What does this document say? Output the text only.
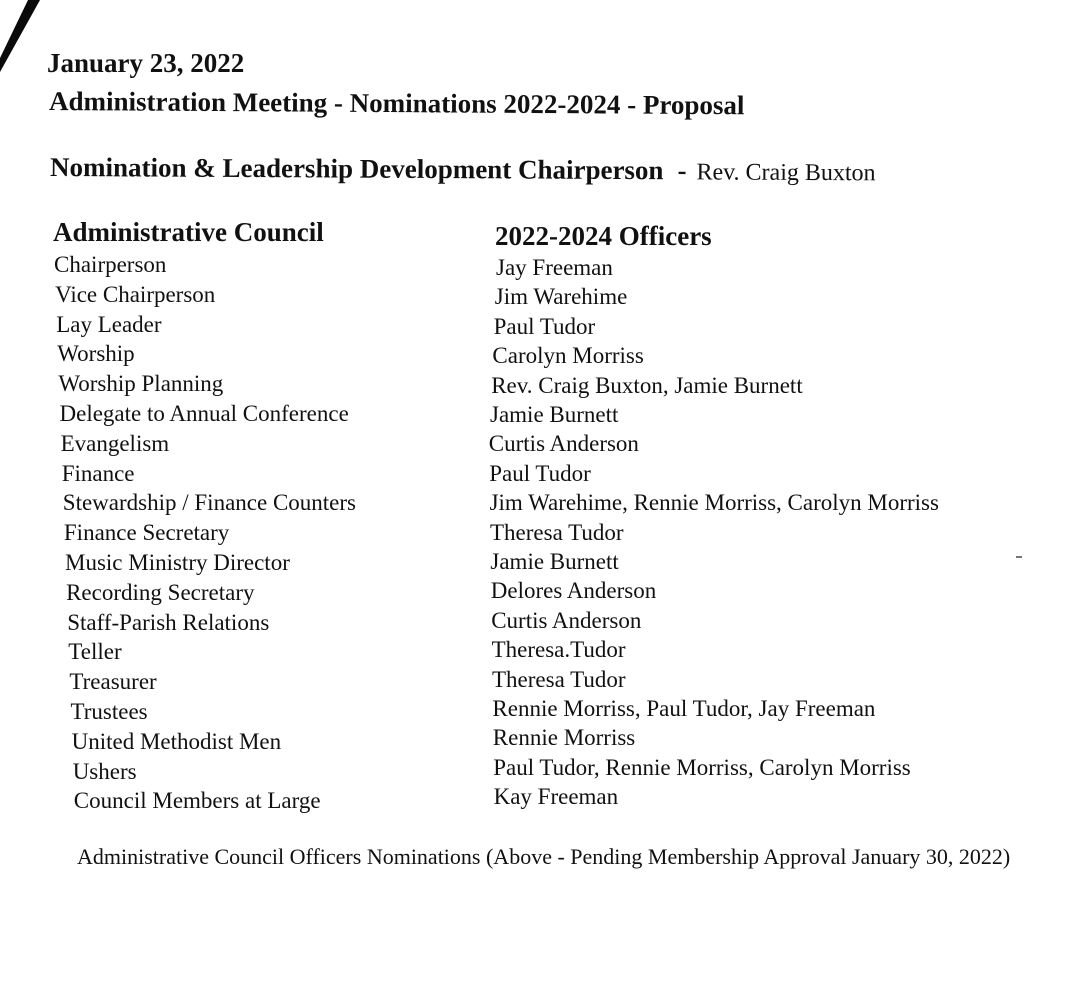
January 23, 2022
Administration Meeting - Nominations 2022-2024 - Proposal
Nomination & Leadership Development Chairperson - Rev. Craig Buxton
Administrative Council	2022-2024 Officers
Chairperson	Jay Freeman
Vice Chairperson	Jim Warehime
Lay Leader	Paul Tudor
Worship	Carolyn Morriss
Worship Planning	Rev. Craig Buxton, Jamie Burnett
Delegate to Annual Conference	Jamie Burnett
Evangelism	Curtis Anderson
Finance	Paul Tudor
Stewardship / Finance Counters	Jim Warehime, Rennie Morriss, Carolyn Morriss
Finance Secretary	Theresa Tudor
Music Ministry Director	Jamie Burnett
Recording Secretary	Delores Anderson
Staff-Parish Relations	Curtis Anderson
Teller	Theresa.Tudor
Treasurer	Theresa Tudor
Trustees	Rennie Morriss, Paul Tudor, Jay Freeman
United Methodist Men	Rennie Morriss
Ushers	Paul Tudor, Rennie Morriss, Carolyn Morriss
Council Members at Large	Kay Freeman
Administrative Council Officers Nominations (Above - Pending Membership Approval January 30, 2022)
